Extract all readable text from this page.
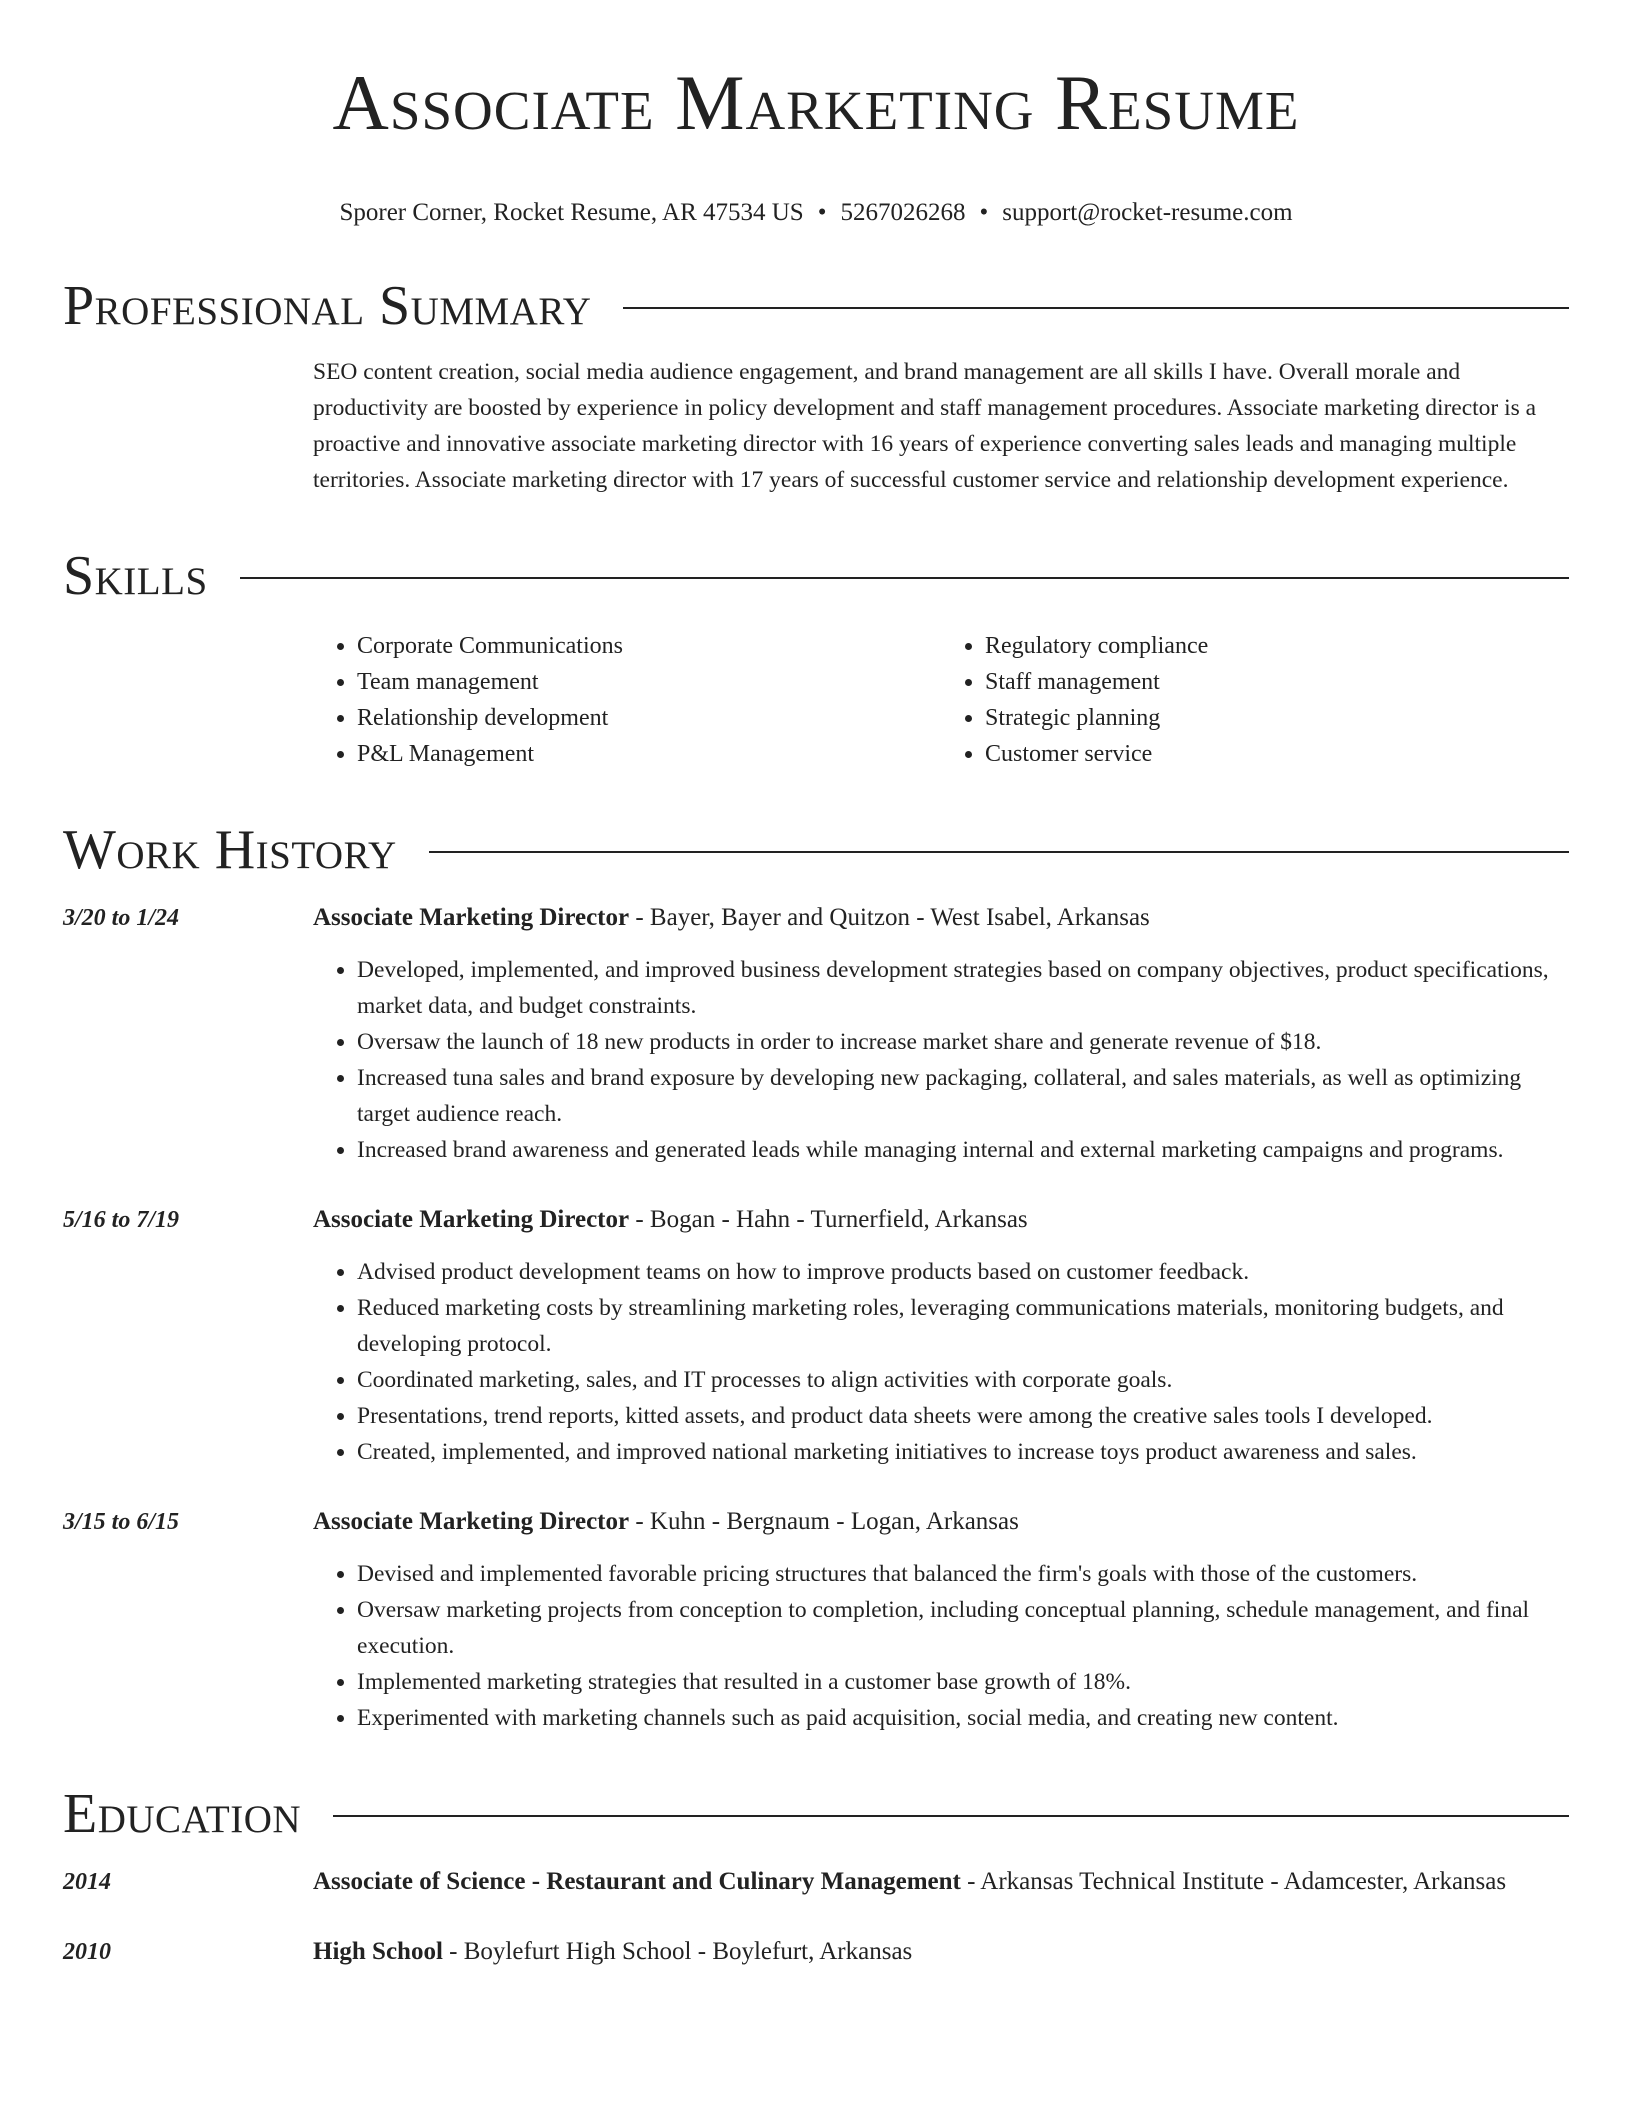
Associate Marketing Resume
Sporer Corner, Rocket Resume, AR 47534 US • 5267026268 • support@rocket-resume.com
Professional Summary
SEO content creation, social media audience engagement, and brand management are all skills I have. Overall morale and productivity are boosted by experience in policy development and staff management procedures. Associate marketing director is a proactive and innovative associate marketing director with 16 years of experience converting sales leads and managing multiple territories. Associate marketing director with 17 years of successful customer service and relationship development experience.
Skills
• Corporate Communications
• Team management
• Relationship development
• P&L Management
• Regulatory compliance
• Staff management
• Strategic planning
• Customer service
Work History
3/20 to 1/24	Associate Marketing Director - Bayer, Bayer and Quitzon - West Isabel, Arkansas
• Developed, implemented, and improved business development strategies based on company objectives, product specifications, market data, and budget constraints.
• Oversaw the launch of 18 new products in order to increase market share and generate revenue of $18.
• Increased tuna sales and brand exposure by developing new packaging, collateral, and sales materials, as well as optimizing target audience reach.
• Increased brand awareness and generated leads while managing internal and external marketing campaigns and programs.
5/16 to 7/19	Associate Marketing Director - Bogan - Hahn - Turnerfield, Arkansas
• Advised product development teams on how to improve products based on customer feedback.
• Reduced marketing costs by streamlining marketing roles, leveraging communications materials, monitoring budgets, and developing protocol.
• Coordinated marketing, sales, and IT processes to align activities with corporate goals.
• Presentations, trend reports, kitted assets, and product data sheets were among the creative sales tools I developed.
• Created, implemented, and improved national marketing initiatives to increase toys product awareness and sales.
3/15 to 6/15	Associate Marketing Director - Kuhn - Bergnaum - Logan, Arkansas
• Devised and implemented favorable pricing structures that balanced the firm's goals with those of the customers.
• Oversaw marketing projects from conception to completion, including conceptual planning, schedule management, and final execution.
• Implemented marketing strategies that resulted in a customer base growth of 18%.
• Experimented with marketing channels such as paid acquisition, social media, and creating new content.
Education
2014	Associate of Science - Restaurant and Culinary Management - Arkansas Technical Institute - Adamcester, Arkansas
2010	High School - Boylefurt High School - Boylefurt, Arkansas
